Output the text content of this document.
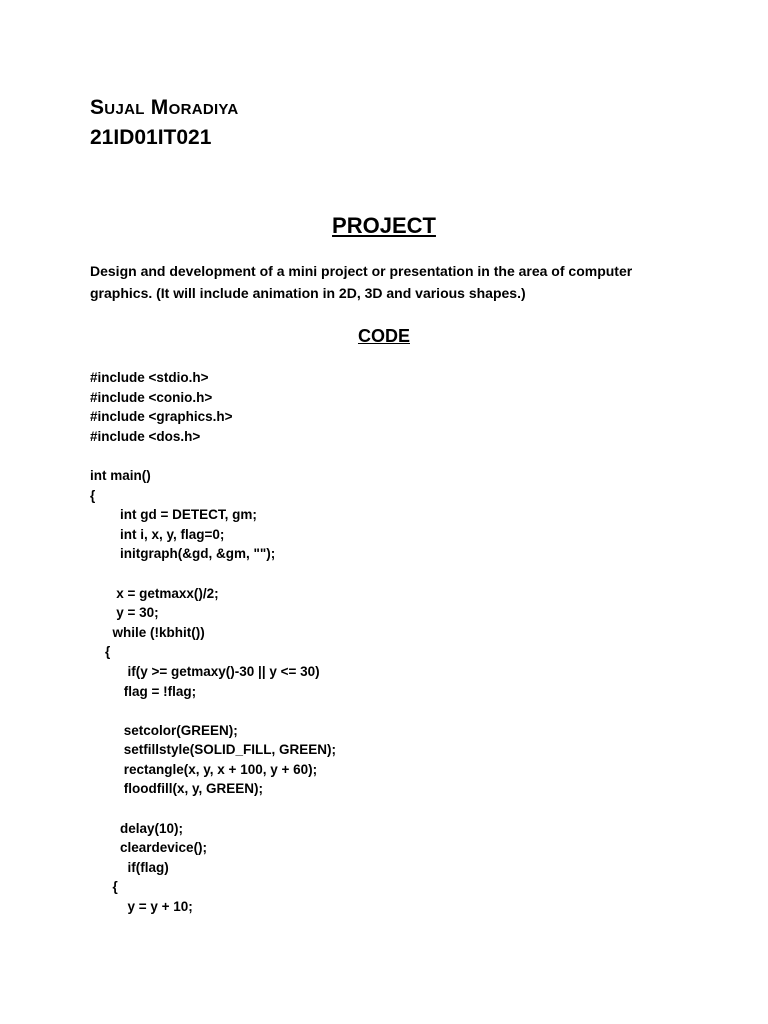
Sujal Moradiya
21ID01IT021
PROJECT
Design and development of a mini project or presentation in the area of computer graphics. (It will include animation in 2D, 3D and various shapes.)
CODE
#include <stdio.h>
#include <conio.h>
#include <graphics.h>
#include <dos.h>
int main()
{
int gd = DETECT, gm;
int i, x, y, flag=0;
initgraph(&gd, &gm, "");
x = getmaxx()/2;
y = 30;
while (!kbhit())
{
if(y >= getmaxy()-30 || y <= 30)
flag = !flag;
setcolor(GREEN);
setfillstyle(SOLID_FILL, GREEN);
rectangle(x, y, x + 100, y + 60);
floodfill(x, y, GREEN);
delay(10);
cleardevice();
if(flag)
{
y = y + 10;
